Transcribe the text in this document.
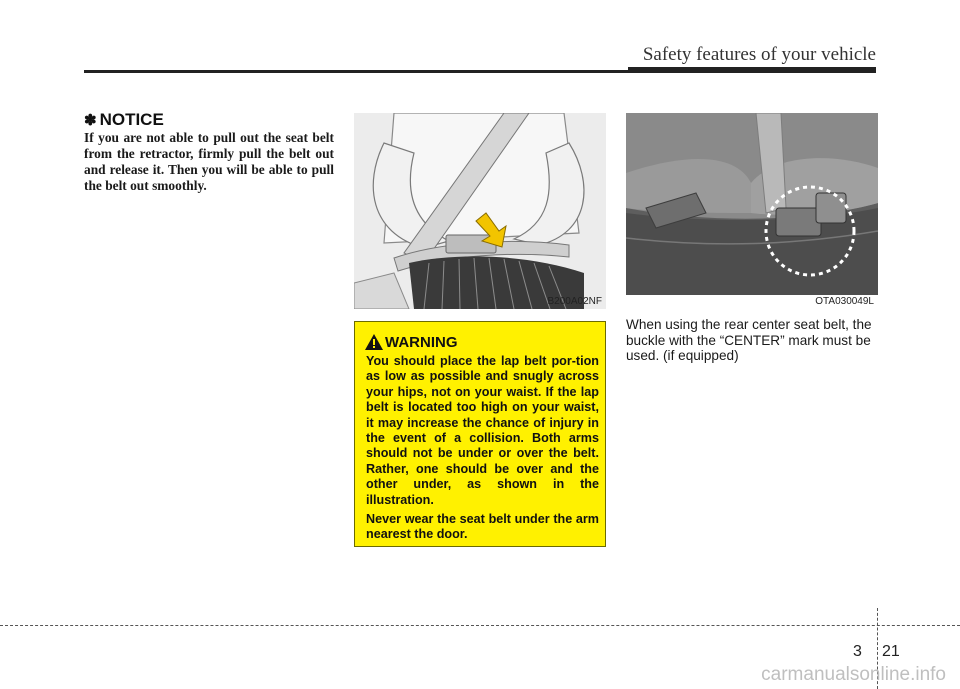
Safety features of your vehicle
✽ NOTICE

If you are not able to pull out the seat belt from the retractor, firmly pull the belt out and release it. Then you will be able to pull the belt out smoothly.

B200A02NF	OTA030049L
WARNING

You should place the lap belt por-tion as low as possible and snugly across your hips, not on your waist. If the lap belt is located too high on your waist, it may increase the chance of injury in the event of a collision. Both arms should not be under or over the belt. Rather, one should be over and the other under, as shown in the illustration.

Never wear the seat belt under the arm nearest the door.

When using the rear center seat belt, the buckle with the “CENTER” mark must be used. (if equipped)

3 21
carmanualsonline.info
